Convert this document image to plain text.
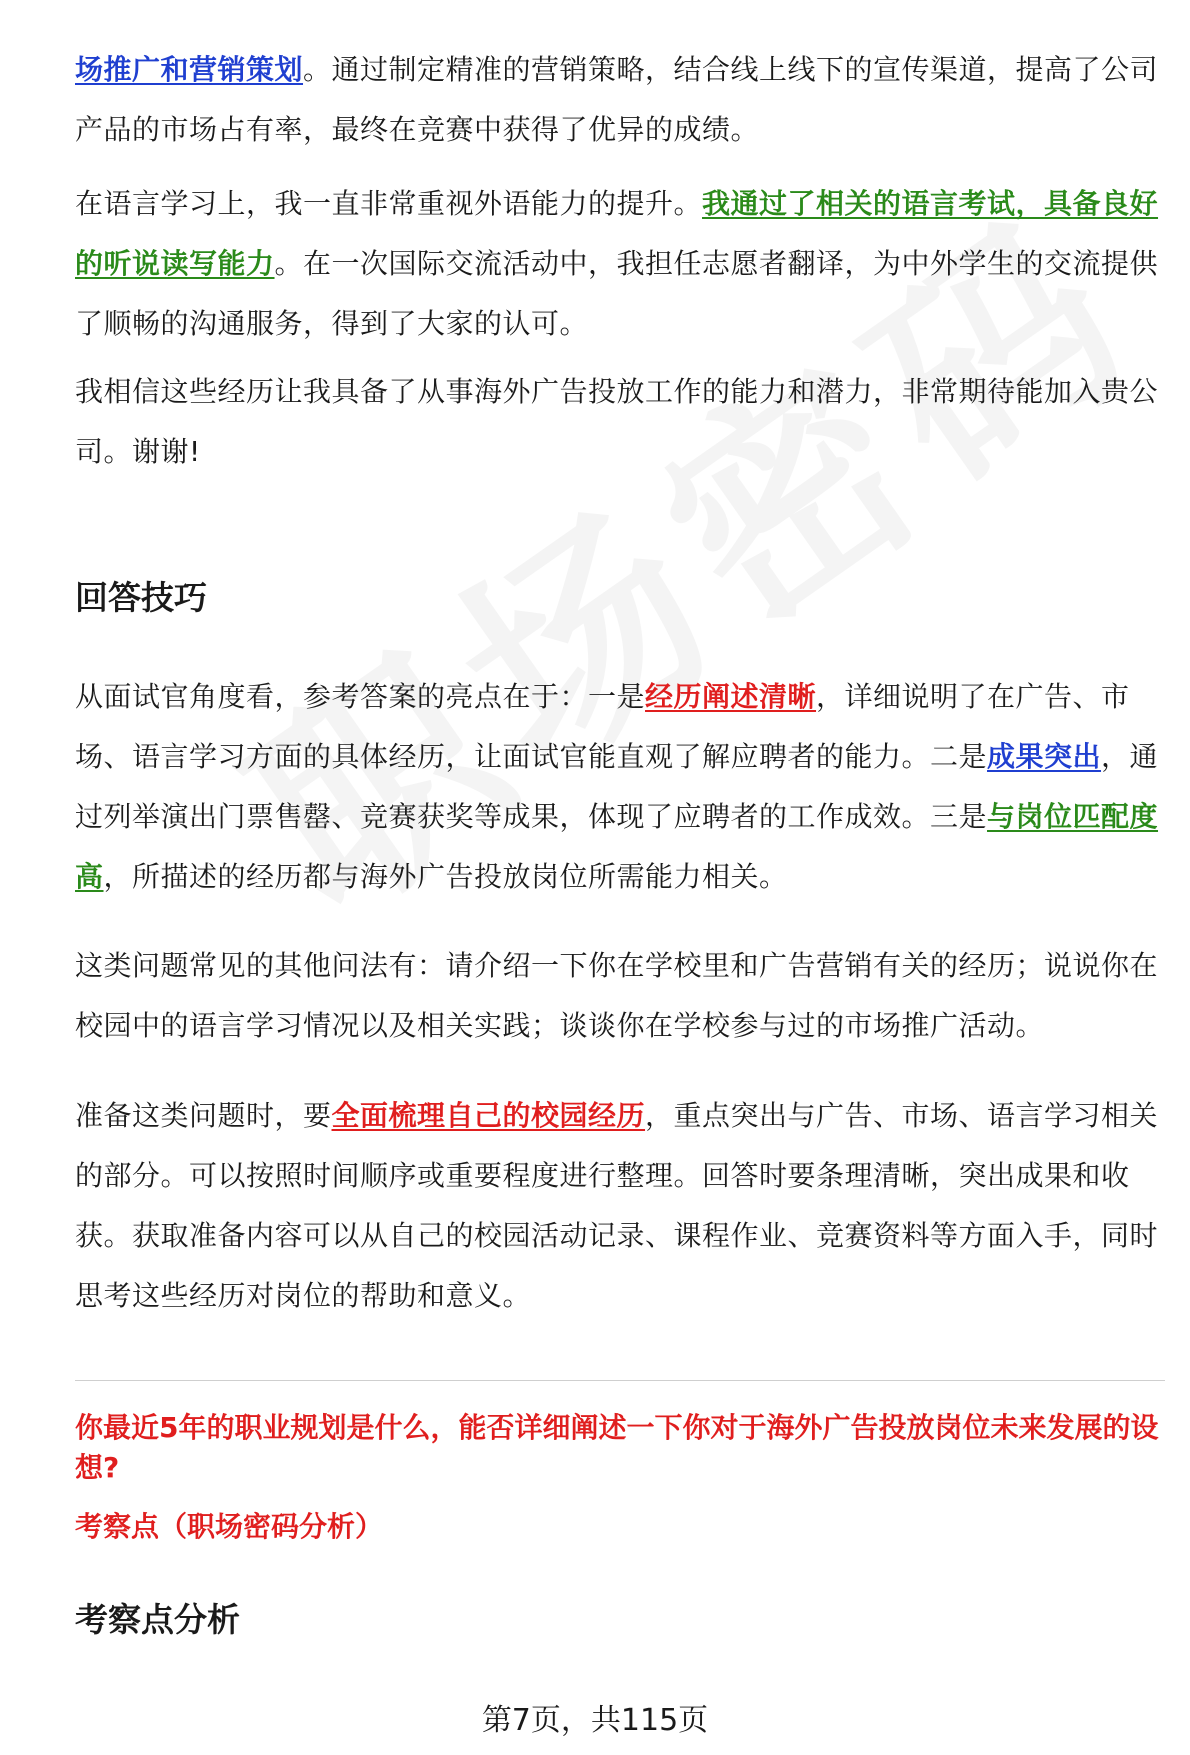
场推广和营销策划。通过制定精准的营销策略，结合线上线下的宣传渠道，提高了公司产品的市场占有率，最终在竞赛中获得了优异的成绩。

在语言学习上，我一直非常重视外语能力的提升。我通过了相关的语言考试，具备良好的听说读写能力。在一次国际交流活动中，我担任志愿者翻译，为中外学生的交流提供了顺畅的沟通服务，得到了大家的认可。

我相信这些经历让我具备了从事海外广告投放工作的能力和潜力，非常期待能加入贵公司。谢谢!

回答技巧

从面试官角度看，参考答案的亮点在于：一是经历阐述清晰，详细说明了在广告、市场、语言学习方面的具体经历，让面试官能直观了解应聘者的能力。二是成果突出，通过列举演出门票售罄、竞赛获奖等成果，体现了应聘者的工作成效。三是与岗位匹配度高，所描述的经历都与海外广告投放岗位所需能力相关。

这类问题常见的其他问法有：请介绍一下你在学校里和广告营销有关的经历；说说你在校园中的语言学习情况以及相关实践；谈谈你在学校参与过的市场推广活动。

准备这类问题时，要全面梳理自己的校园经历，重点突出与广告、市场、语言学习相关的部分。可以按照时间顺序或重要程度进行整理。回答时要条理清晰，突出成果和收获。获取准备内容可以从自己的校园活动记录、课程作业、竞赛资料等方面入手，同时思考这些经历对岗位的帮助和意义。

你最近5年的职业规划是什么，能否详细阐述一下你对于海外广告投放岗位未来发展的设想?

考察点（职场密码分析）

考察点分析
第7页，共115页
